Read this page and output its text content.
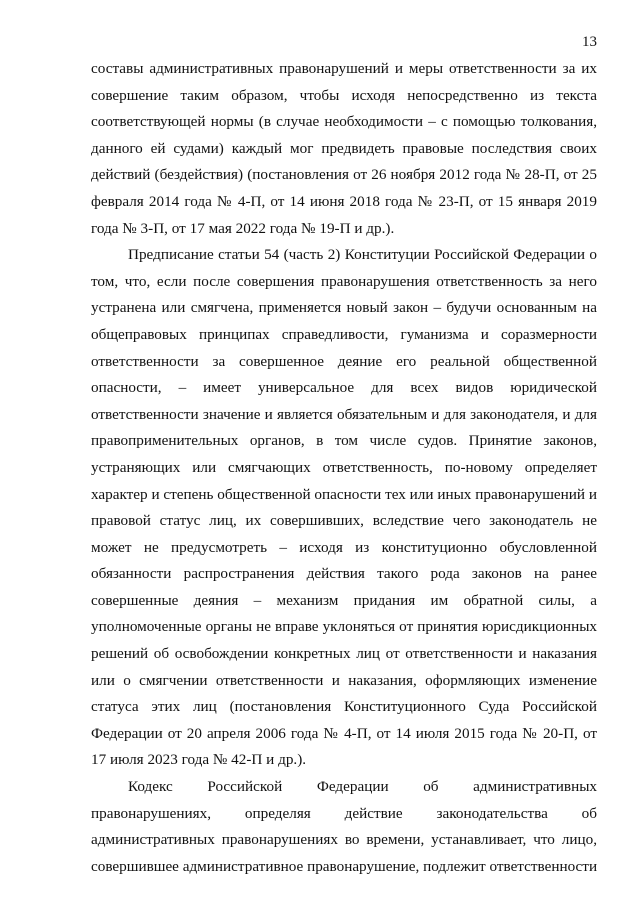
13
составы административных правонарушений и меры ответственности за их
совершение таким образом, чтобы исходя непосредственно из текста
соответствующей нормы (в случае необходимости – с помощью толкования,
данного ей судами) каждый мог предвидеть правовые последствия своих
действий (бездействия) (постановления от 26 ноября 2012 года № 28-П, от 25
февраля 2014 года № 4-П, от 14 июня 2018 года № 23-П, от 15 января 2019
года № 3-П, от 17 мая 2022 года № 19-П и др.).
Предписание статьи 54 (часть 2) Конституции Российской Федерации о
том, что, если после совершения правонарушения ответственность за него
устранена или смягчена, применяется новый закон – будучи основанным на
общеправовых принципах справедливости, гуманизма и соразмерности
ответственности за совершенное деяние его реальной общественной
опасности, – имеет универсальное для всех видов юридической
ответственности значение и является обязательным и для законодателя, и для
правоприменительных органов, в том числе судов. Принятие законов,
устраняющих или смягчающих ответственность, по-новому определяет
характер и степень общественной опасности тех или иных правонарушений и
правовой статус лиц, их совершивших, вследствие чего законодатель не
может не предусмотреть – исходя из конституционно обусловленной
обязанности распространения действия такого рода законов на ранее
совершенные деяния – механизм придания им обратной силы, а
уполномоченные органы не вправе уклоняться от принятия юрисдикционных
решений об освобождении конкретных лиц от ответственности и наказания
или о смягчении ответственности и наказания, оформляющих изменение
статуса этих лиц (постановления Конституционного Суда Российской
Федерации от 20 апреля 2006 года № 4-П, от 14 июля 2015 года № 20-П, от
17 июля 2023 года № 42-П и др.).
Кодекс Российской Федерации об административных
правонарушениях, определяя действие законодательства об
административных правонарушениях во времени, устанавливает, что лицо,
совершившее административное правонарушение, подлежит ответственности
